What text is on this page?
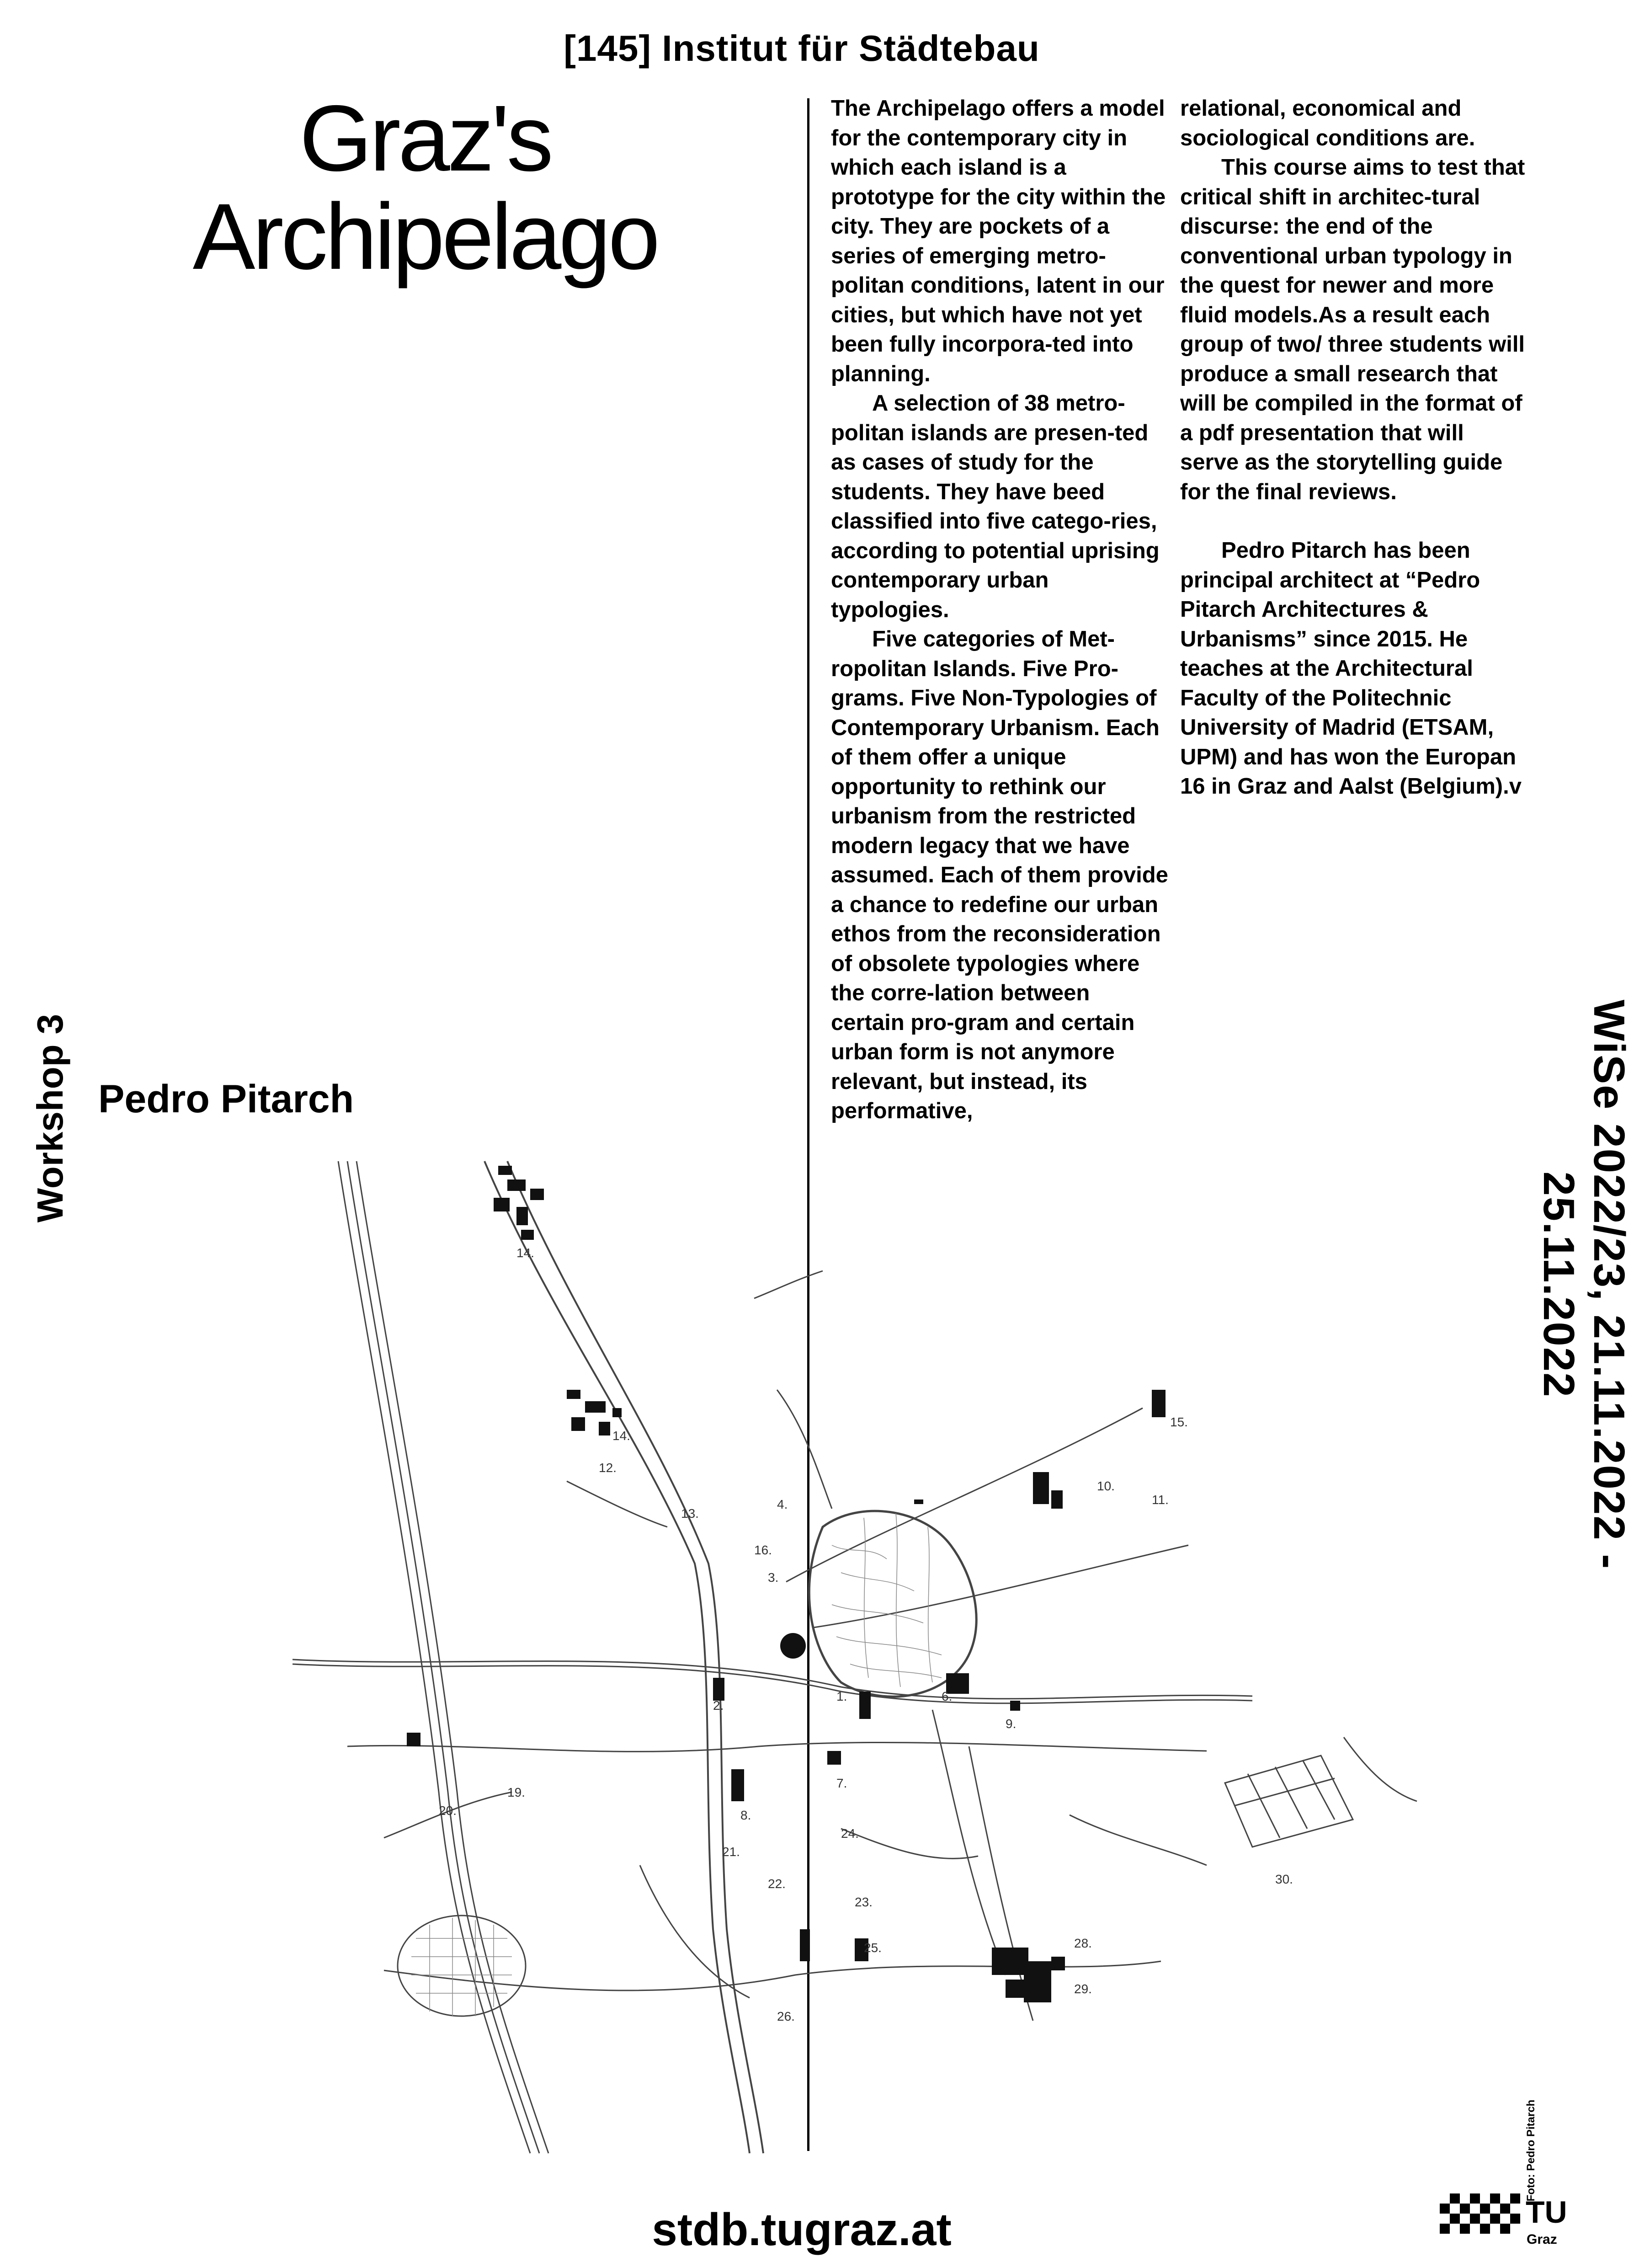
[145] Institut für Städtebau
Graz's
Archipelago

The Archipelago offers a model for the contemporary city in which each island is a prototype for the city within the city. They are pockets of a series of emerging metro-politan conditions, latent in our cities, but which have not yet been fully incorpora-ted into planning.

A selection of 38 metro-politan islands are presen-ted as cases of study for the students. They have beed classified into five catego-ries, according to potential uprising contemporary urban typologies.

Five categories of Met-ropolitan Islands. Five Pro-grams. Five Non-Typologies of Contemporary Urbanism. Each of them offer a unique opportunity to rethink our urbanism from the restricted modern legacy that we have assumed. Each of them provide a chance to redefine our urban ethos from the reconsideration of obsolete typologies where the corre-lation between certain pro-gram and certain urban form is not anymore relevant, but instead, its performative,

relational, economical and sociological conditions are.

This course aims to test that critical shift in architec-tural discurse: the end of the conventional urban typology in the quest for newer and more fluid models.As a result each group of two/ three students will produce a small research that will be compiled in the format of a pdf presentation that will serve as the storytelling guide for the final reviews.

Pedro Pitarch has been principal architect at “Pedro Pitarch Architectures & Urbanisms” since 2015. He teaches at the Architectural Faculty of the Politechnic University of Madrid (ETSAM, UPM) and has won the Europan 16 in Graz and Aalst (Belgium).v

Pedro Pitarch
Workshop 3	WiSe 2022/23, 21.11.2022 - 25.11.2022
Foto: Pedro Pitarch
stdb.tugraz.at	TU
Graz
14.
14.
12.
13.
4.
16.
3.
2.
1.	6.
9.
10.
11.
15.
7.
8.
21.
22.
24.
23.
25.
26.
28.
29.
30.
20.
19.
